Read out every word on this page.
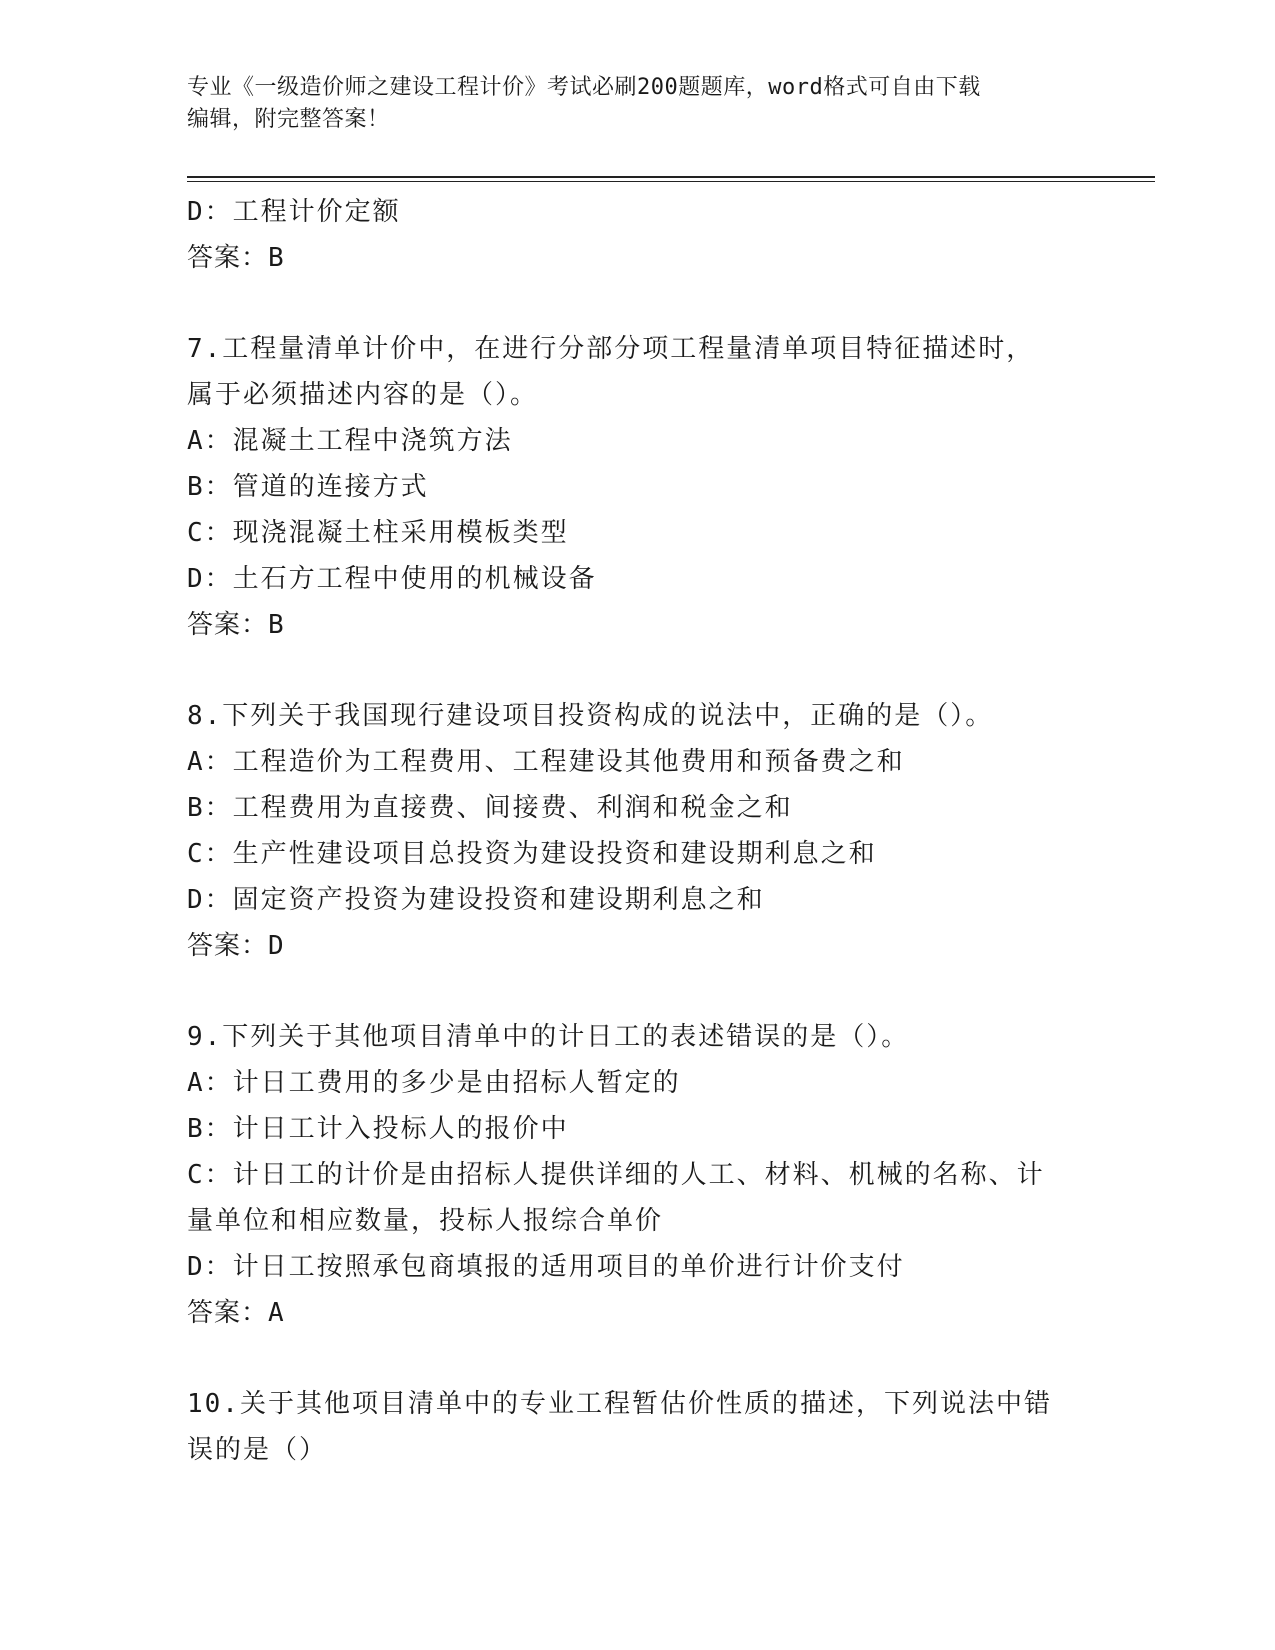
专业《一级造价师之建设工程计价》考试必刷200题题库，word格式可自由下载
编辑，附完整答案！
D：工程计价定额
答案：B
7.工程量清单计价中，在进行分部分项工程量清单项目特征描述时，
属于必须描述内容的是（）。
A：混凝土工程中浇筑方法
B：管道的连接方式
C：现浇混凝土柱采用模板类型
D：土石方工程中使用的机械设备
答案：B
8.下列关于我国现行建设项目投资构成的说法中，正确的是（）。
A：工程造价为工程费用、工程建设其他费用和预备费之和
B：工程费用为直接费、间接费、利润和税金之和
C：生产性建设项目总投资为建设投资和建设期利息之和
D：固定资产投资为建设投资和建设期利息之和
答案：D
9.下列关于其他项目清单中的计日工的表述错误的是（）。
A：计日工费用的多少是由招标人暂定的
B：计日工计入投标人的报价中
C：计日工的计价是由招标人提供详细的人工、材料、机械的名称、计
量单位和相应数量，投标人报综合单价
D：计日工按照承包商填报的适用项目的单价进行计价支付
答案：A
10.关于其他项目清单中的专业工程暂估价性质的描述，下列说法中错
误的是（）
